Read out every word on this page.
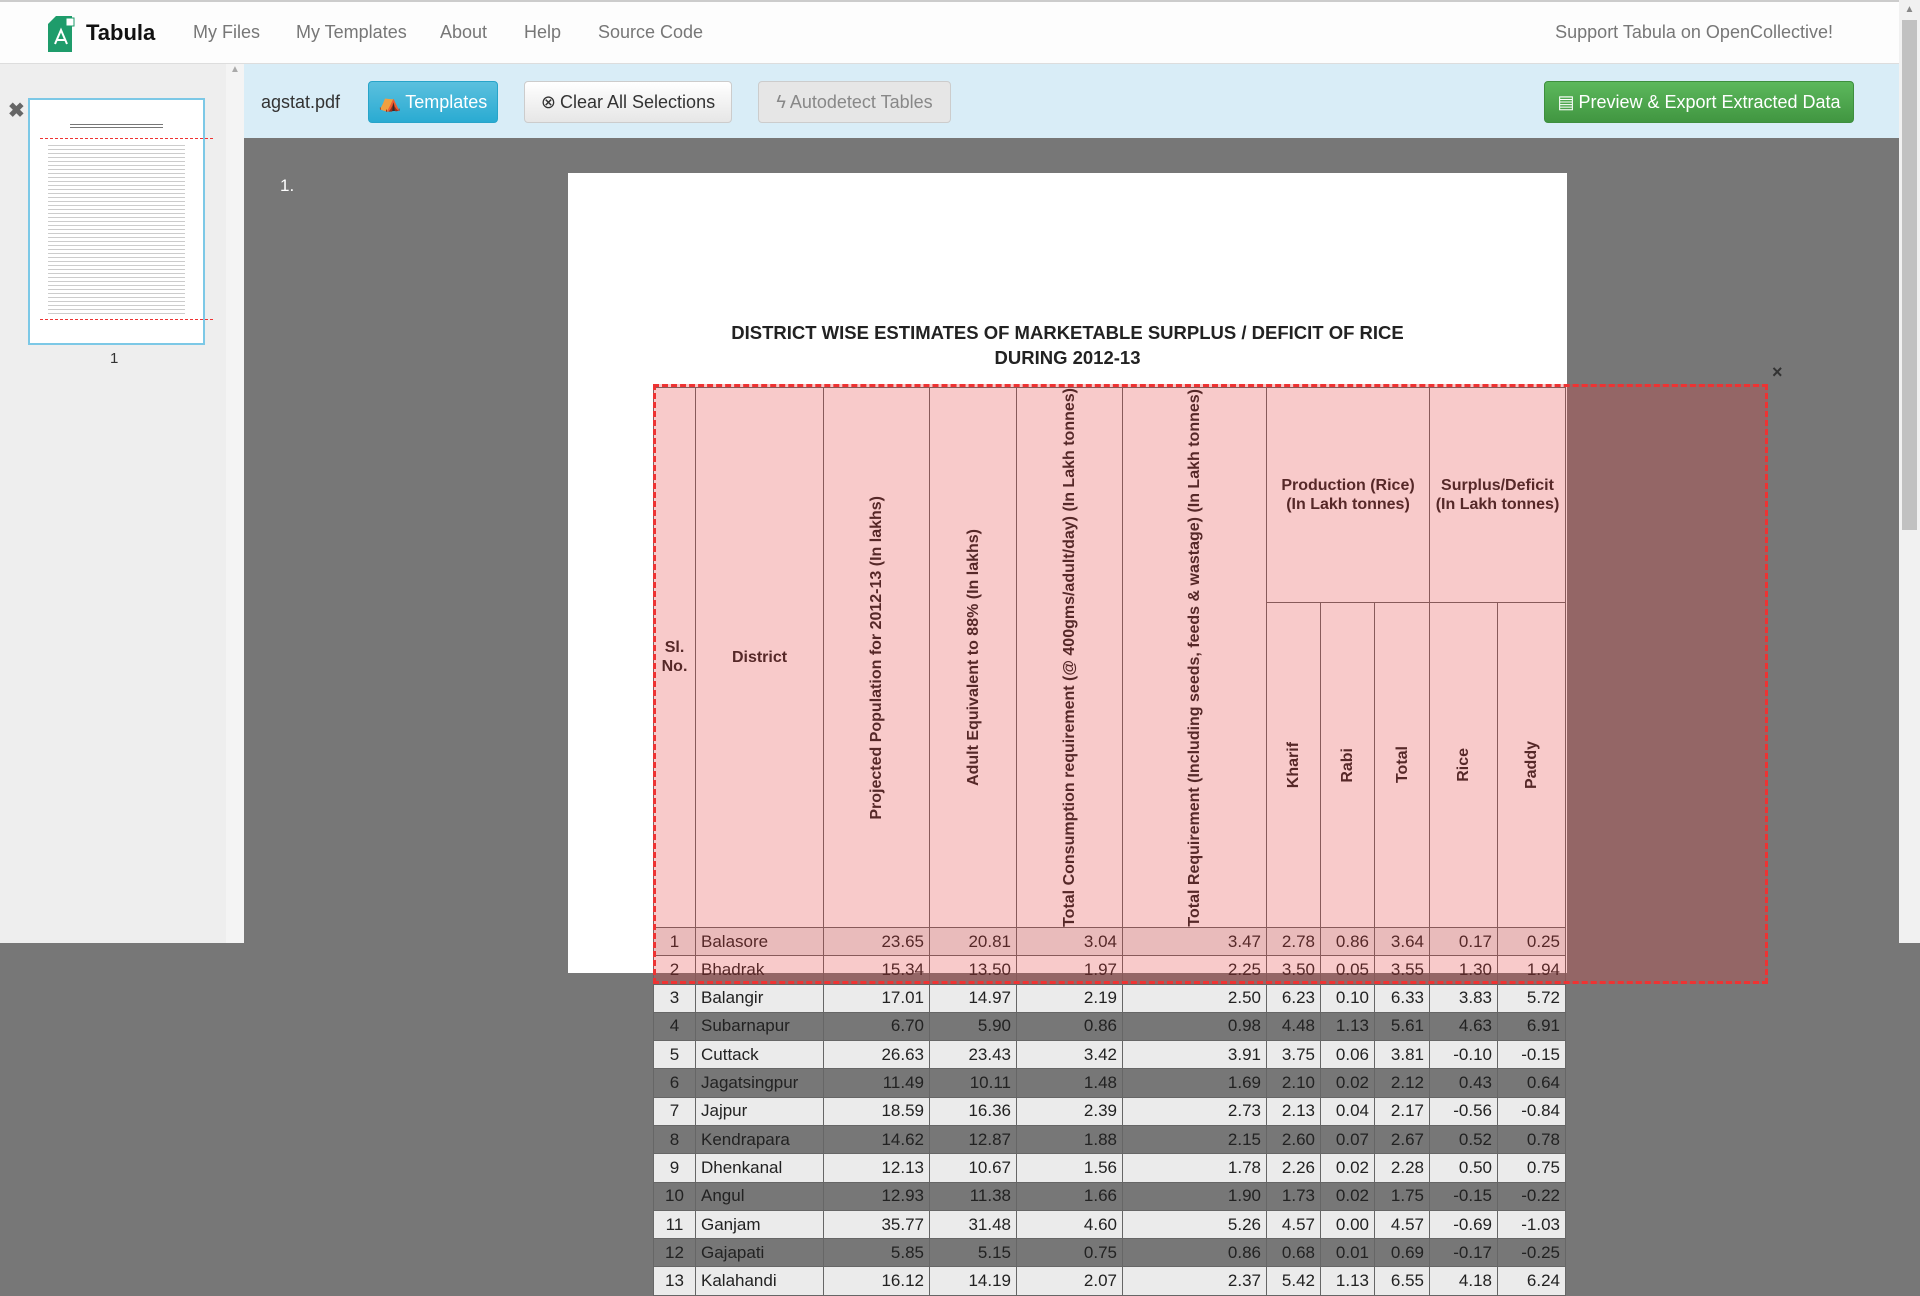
Tabula My Files My Templates About Help Source Code	Support Tabula on OpenCollective!
▲
✖
1
agstat.pdf ⛺ Templates	⊗ Clear All Selections	ϟ Autodetect Tables	▤ Preview & Export Extracted Data
1.
DISTRICT WISE ESTIMATES OF MARKETABLE SURPLUS / DEFICIT OF RICE
DURING 2012-13
Sl. No.	District	Projected Population for 2012-13 (In lakhs)	Adult Equivalent to 88% (In lakhs)	Total Consumption requirement (@ 400gms/adult/day) (In Lakh tonnes)	Total Requirement (Including seeds, feeds & wastage) (In Lakh tonnes)	Production (Rice) (In Lakh tonnes)			Surplus/Deficit (In Lakh tonnes)	

						Kharif	Rabi	Total	Rice	Paddy

1	Balasore	23.65	20.81	3.04	3.47	2.78	0.86	3.64	0.17	0.25
2	Bhadrak	15.34	13.50	1.97	2.25	3.50	0.05	3.55	1.30	1.94
3	Balangir	17.01	14.97	2.19	2.50	6.23	0.10	6.33	3.83	5.72
4	Subarnapur	6.70	5.90	0.86	0.98	4.48	1.13	5.61	4.63	6.91
5	Cuttack	26.63	23.43	3.42	3.91	3.75	0.06	3.81	-0.10	-0.15
6	Jagatsingpur	11.49	10.11	1.48	1.69	2.10	0.02	2.12	0.43	0.64
7	Jajpur	18.59	16.36	2.39	2.73	2.13	0.04	2.17	-0.56	-0.84
8	Kendrapara	14.62	12.87	1.88	2.15	2.60	0.07	2.67	0.52	0.78
9	Dhenkanal	12.13	10.67	1.56	1.78	2.26	0.02	2.28	0.50	0.75
10	Angul	12.93	11.38	1.66	1.90	1.73	0.02	1.75	-0.15	-0.22
11	Ganjam	35.77	31.48	4.60	5.26	4.57	0.00	4.57	-0.69	-1.03
12	Gajapati	5.85	5.15	0.75	0.86	0.68	0.01	0.69	-0.17	-0.25
13	Kalahandi	16.12	14.19	2.07	2.37	5.42	1.13	6.55	4.18	6.24
×
▲
